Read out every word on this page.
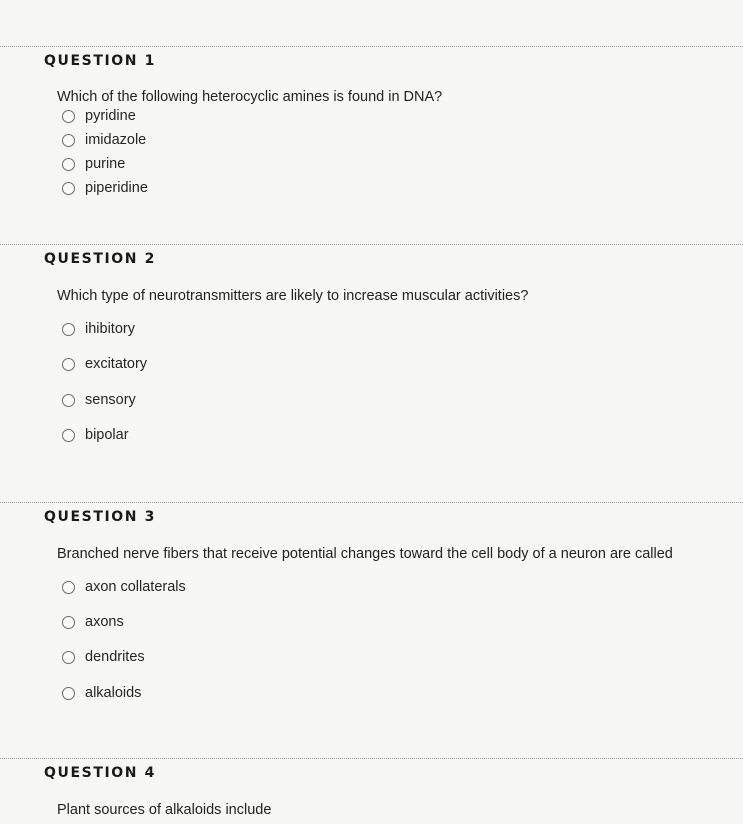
QUESTION 1
Which of the following heterocyclic amines is found in DNA?
pyridine
imidazole
purine
piperidine
QUESTION 2
Which type of neurotransmitters are likely to increase muscular activities?
ihibitory
excitatory
sensory
bipolar
QUESTION 3
Branched nerve fibers that receive potential changes toward the cell body of a neuron are called
axon collaterals
axons
dendrites
alkaloids
QUESTION 4
Plant sources of alkaloids include
